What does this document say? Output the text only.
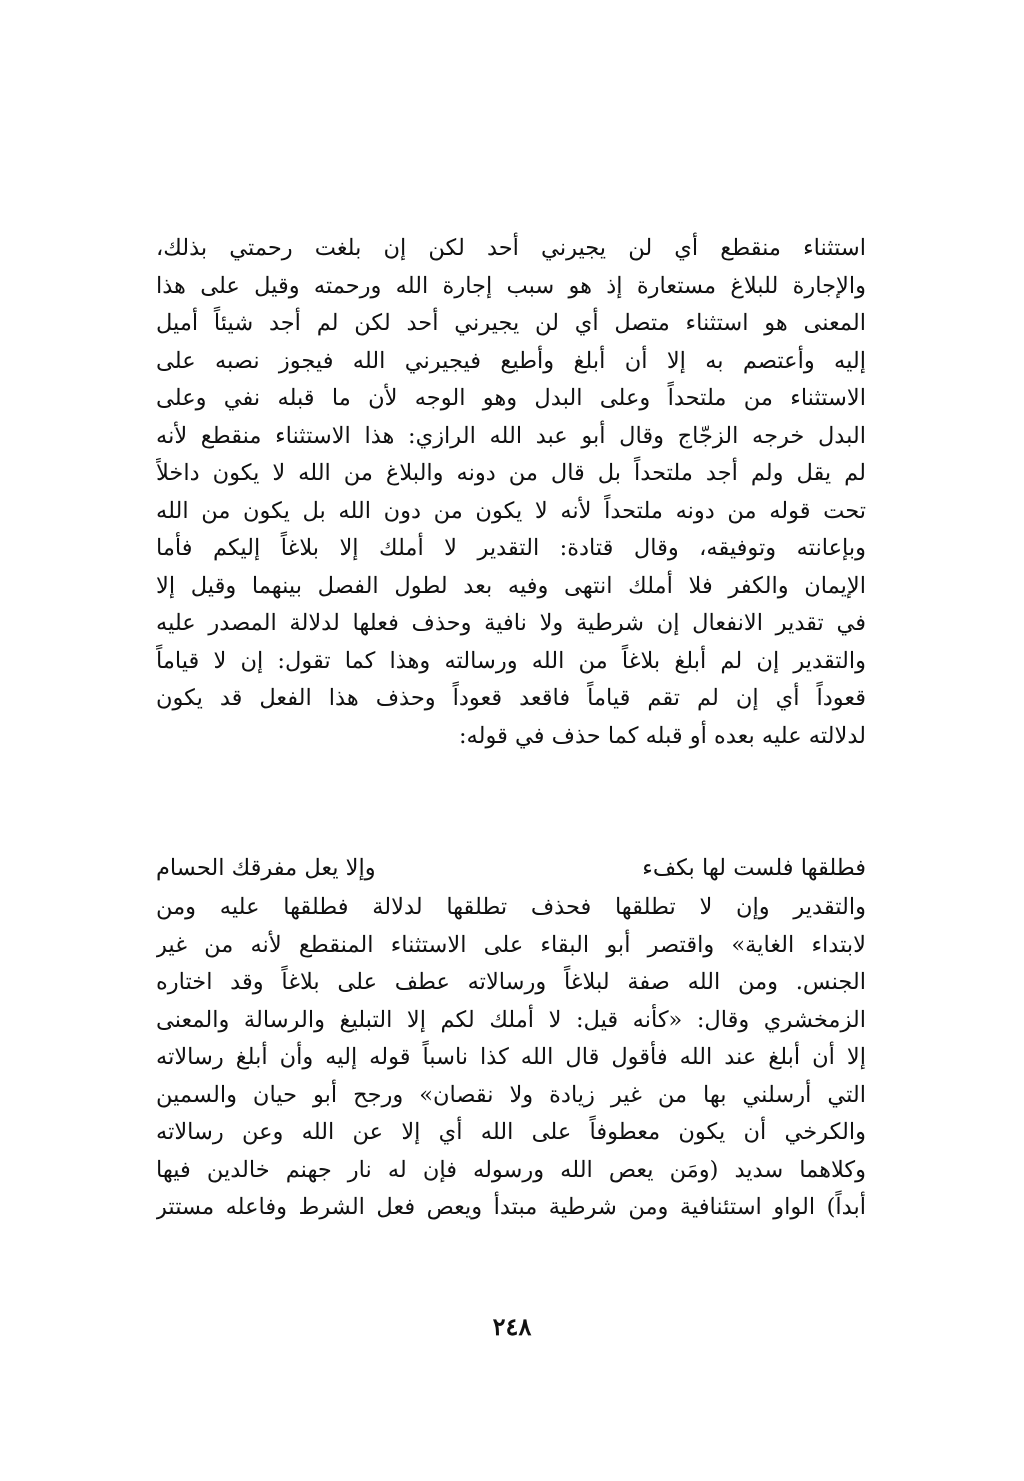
استثناء منقطع أي لن يجيرني أحد لكن إن بلغت رحمتي بذلك،
والإجارة للبلاغ مستعارة إذ هو سبب إجارة الله ورحمته وقيل على هذا
المعنى هو استثناء متصل أي لن يجيرني أحد لكن لم أجد شيئاً أميل
إليه وأعتصم به إلا أن أبلغ وأطيع فيجيرني الله فيجوز نصبه على
الاستثناء من ملتحداً وعلى البدل وهو الوجه لأن ما قبله نفي وعلى
البدل خرجه الزجّاج وقال أبو عبد الله الرازي: هذا الاستثناء منقطع لأنه
لم يقل ولم أجد ملتحداً بل قال من دونه والبلاغ من الله لا يكون داخلاً
تحت قوله من دونه ملتحداً لأنه لا يكون من دون الله بل يكون من الله
وبإعانته وتوفيقه، وقال قتادة: التقدير لا أملك إلا بلاغاً إليكم فأما
الإيمان والكفر فلا أملك انتهى وفيه بعد لطول الفصل بينهما وقيل إلا
في تقدير الانفعال إن شرطية ولا نافية وحذف فعلها لدلالة المصدر عليه
والتقدير إن لم أبلغ بلاغاً من الله ورسالته وهذا كما تقول: إن لا قياماً
قعوداً أي إن لم تقم قياماً فاقعد قعوداً وحذف هذا الفعل قد يكون
لدلالته عليه بعده أو قبله كما حذف في قوله:
فطلقها فلست لها بكفء
وإلا يعل مفرقك الحسام
والتقدير وإن لا تطلقها فحذف تطلقها لدلالة فطلقها عليه ومن
لابتداء الغاية» واقتصر أبو البقاء على الاستثناء المنقطع لأنه من غير
الجنس. ومن الله صفة لبلاغاً ورسالاته عطف على بلاغاً وقد اختاره
الزمخشري وقال: «كأنه قيل: لا أملك لكم إلا التبليغ والرسالة والمعنى
إلا أن أبلغ عند الله فأقول قال الله كذا ناسباً قوله إليه وأن أبلغ رسالاته
التي أرسلني بها من غير زيادة ولا نقصان» ورجح أبو حيان والسمين
والكرخي أن يكون معطوفاً على الله أي إلا عن الله وعن رسالاته
وكلاهما سديد (ومَن يعص الله ورسوله فإن له نار جهنم خالدين فيها
أبداً) الواو استئنافية ومن شرطية مبتدأ ويعص فعل الشرط وفاعله مستتر
٢٤٨
